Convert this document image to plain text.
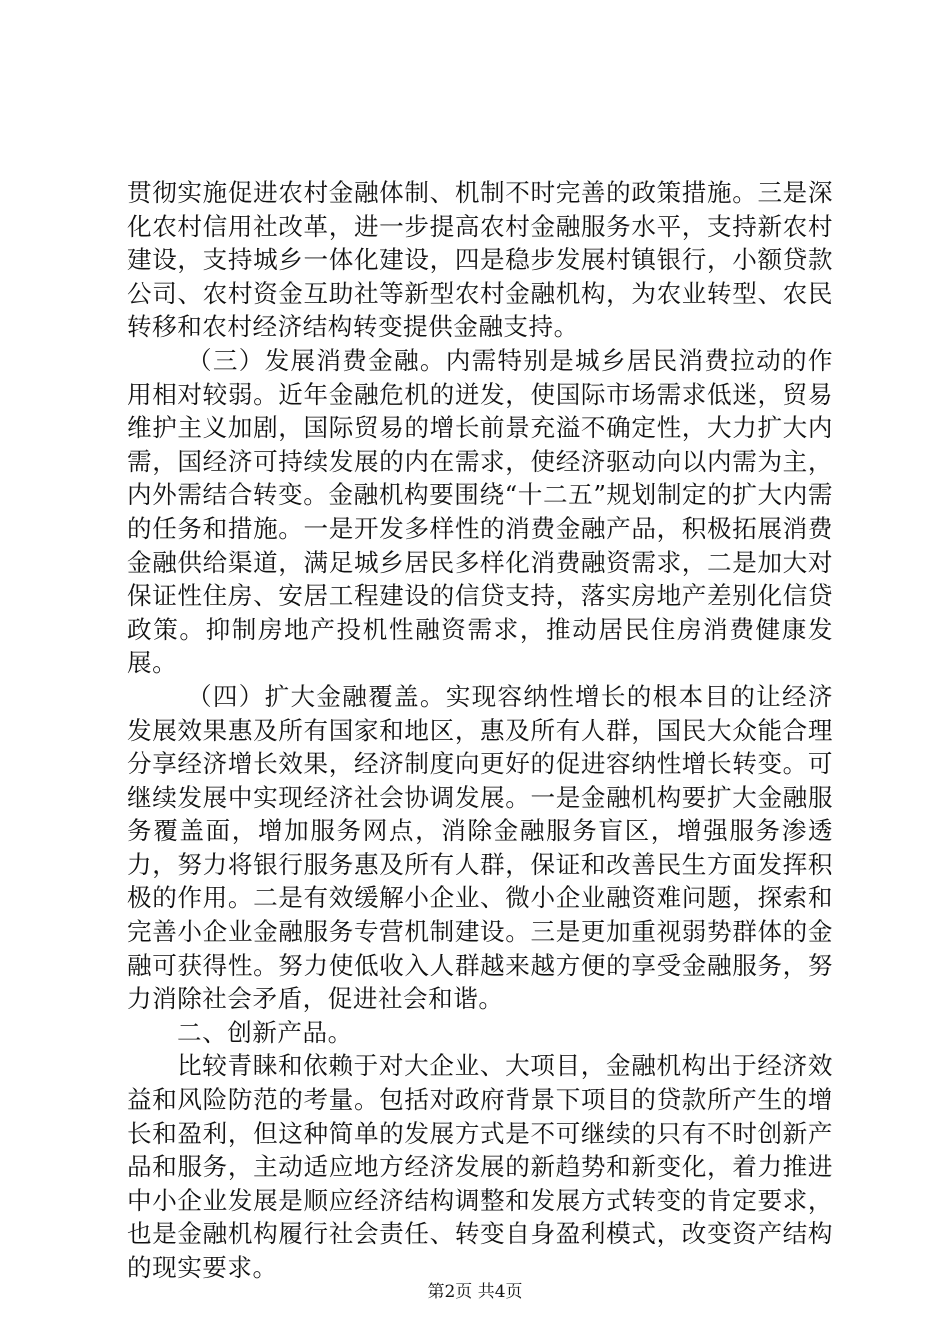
贯彻实施促进农村金融体制、机制不时完善的政策措施。三是深化农村信用社改革，进一步提高农村金融服务水平，支持新农村建设，支持城乡一体化建设，四是稳步发展村镇银行，小额贷款公司、农村资金互助社等新型农村金融机构，为农业转型、农民转移和农村经济结构转变提供金融支持。

（三）发展消费金融。内需特别是城乡居民消费拉动的作用相对较弱。近年金融危机的迸发，使国际市场需求低迷，贸易维护主义加剧，国际贸易的增长前景充溢不确定性，大力扩大内需，国经济可持续发展的内在需求，使经济驱动向以内需为主，内外需结合转变。金融机构要围绕“十二五”规划制定的扩大内需的任务和措施。一是开发多样性的消费金融产品，积极拓展消费金融供给渠道，满足城乡居民多样化消费融资需求，二是加大对保证性住房、安居工程建设的信贷支持，落实房地产差别化信贷政策。抑制房地产投机性融资需求，推动居民住房消费健康发展。

（四）扩大金融覆盖。实现容纳性增长的根本目的让经济发展效果惠及所有国家和地区，惠及所有人群，国民大众能合理分享经济增长效果，经济制度向更好的促进容纳性增长转变。可继续发展中实现经济社会协调发展。一是金融机构要扩大金融服务覆盖面，增加服务网点，消除金融服务盲区，增强服务渗透力，努力将银行服务惠及所有人群，保证和改善民生方面发挥积极的作用。二是有效缓解小企业、微小企业融资难问题，探索和完善小企业金融服务专营机制建设。三是更加重视弱势群体的金融可获得性。努力使低收入人群越来越方便的享受金融服务，努力消除社会矛盾，促进社会和谐。

二、创新产品。

比较青睐和依赖于对大企业、大项目，金融机构出于经济效益和风险防范的考量。包括对政府背景下项目的贷款所产生的增长和盈利，但这种简单的发展方式是不可继续的只有不时创新产品和服务，主动适应地方经济发展的新趋势和新变化，着力推进中小企业发展是顺应经济结构调整和发展方式转变的肯定要求，也是金融机构履行社会责任、转变自身盈利模式，改变资产结构的现实要求。

第2页 共4页
